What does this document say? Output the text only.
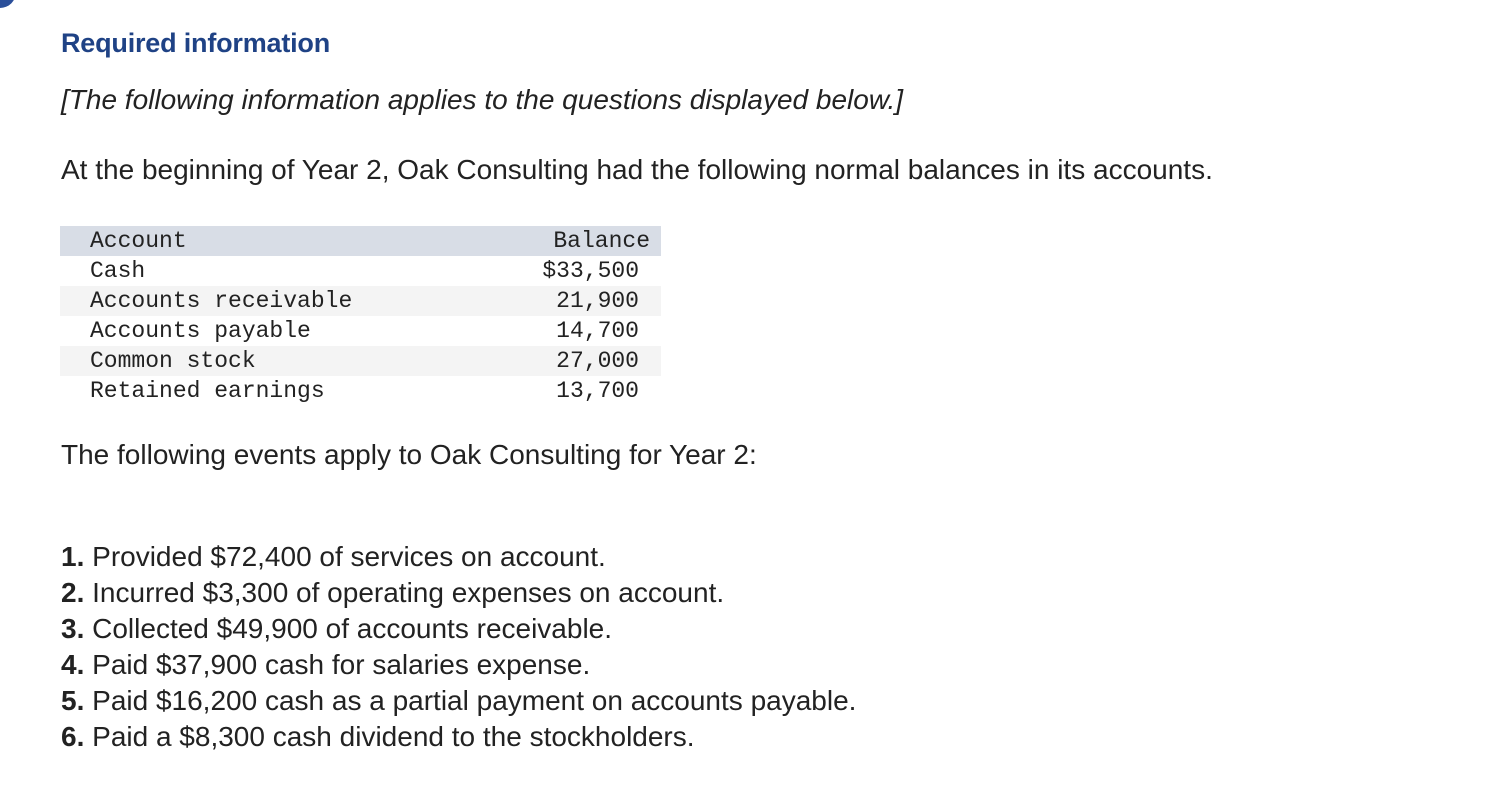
Required information
[The following information applies to the questions displayed below.]
At the beginning of Year 2, Oak Consulting had the following normal balances in its accounts.
Account	Balance
Cash	$33,500
Accounts receivable	21,900
Accounts payable	14,700
Common stock	27,000
Retained earnings	13,700
The following events apply to Oak Consulting for Year 2:
1. Provided $72,400 of services on account.
2. Incurred $3,300 of operating expenses on account.
3. Collected $49,900 of accounts receivable.
4. Paid $37,900 cash for salaries expense.
5. Paid $16,200 cash as a partial payment on accounts payable.
6. Paid a $8,300 cash dividend to the stockholders.
